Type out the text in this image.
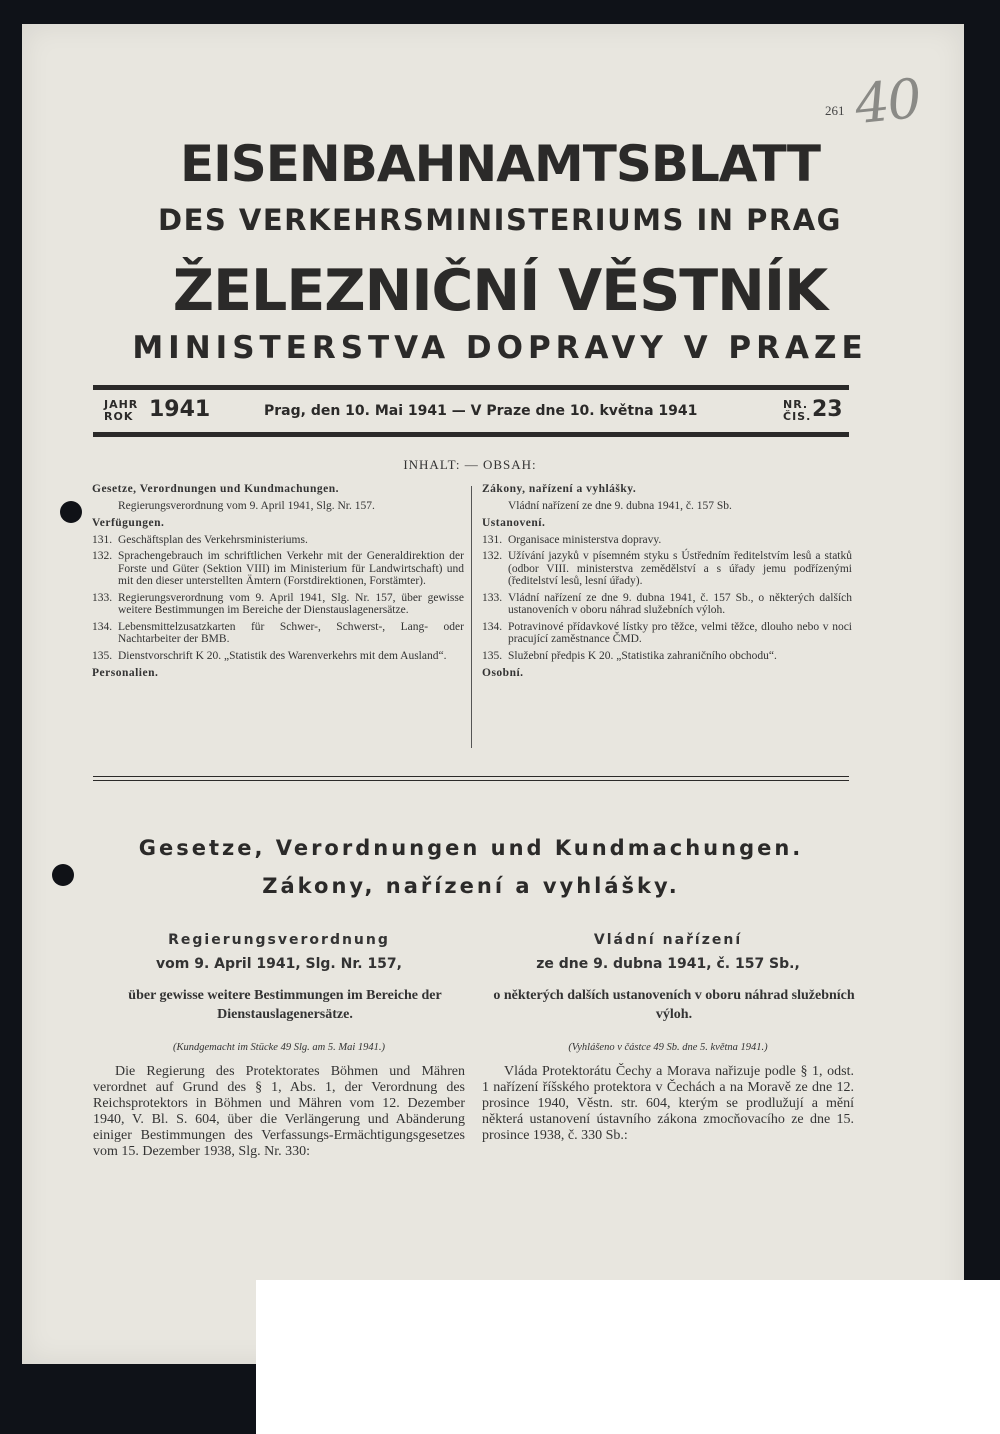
261 40
EISENBAHNAMTSBLATT
DES VERKEHRSMINISTERIUMS IN PRAG
ŽELEZNIČNÍ VĚSTNÍK
MINISTERSTVA DOPRAVY V PRAZE
JAHR
ROK 1941	Prag, den 10. Mai 1941 — V Praze dne 10. května 1941	NR.
ČIS. 23
INHALT: — OBSAH:
Gesetze, Verordnungen und Kundmachungen.
Regierungsverordnung vom 9. April 1941, Slg. Nr. 157.
Verfügungen.
131. Geschäftsplan des Verkehrsministeriums.
132. Sprachengebrauch im schriftlichen Verkehr mit der Generaldirektion der Forste und Güter (Sektion VIII) im Ministerium für Landwirtschaft) und mit den dieser unterstellten Ämtern (Forstdirektionen, Forstämter).
133. Regierungsverordnung vom 9. April 1941, Slg. Nr. 157, über gewisse weitere Bestimmungen im Bereiche der Dienstauslagenersätze.
134. Lebensmittelzusatzkarten für Schwer-, Schwerst-, Lang- oder Nachtarbeiter der BMB.
135. Dienstvorschrift K 20. „Statistik des Warenverkehrs mit dem Ausland“.
Personalien.
Zákony, nařízení a vyhlášky.
Vládní nařízení ze dne 9. dubna 1941, č. 157 Sb.
Ustanovení.
131. Organisace ministerstva dopravy.
132. Užívání jazyků v písemném styku s Ústředním ředitelstvím lesů a statků (odbor VIII. ministerstva zemědělství a s úřady jemu podřízenými (ředitelství lesů, lesní úřady).
133. Vládní nařízení ze dne 9. dubna 1941, č. 157 Sb., o některých dalších ustanoveních v oboru náhrad služebních výloh.
134. Potravinové přídavkové lístky pro těžce, velmi těžce, dlouho nebo v noci pracující zaměstnance ČMD.
135. Služební předpis K 20. „Statistika zahraničního obchodu“.
Osobní.
Gesetze, Verordnungen und Kundmachungen.
Zákony, nařízení a vyhlášky.
Regierungsverordnung
vom 9. April 1941, Slg. Nr. 157,
über gewisse weitere Bestimmungen im Bereiche der Dienstauslagenersätze.
(Kundgemacht im Stücke 49 Slg. am 5. Mai 1941.)
Die Regierung des Protektorates Böhmen und Mähren verordnet auf Grund des § 1, Abs. 1, der Verordnung des Reichsprotektors in Böhmen und Mähren vom 12. Dezember 1940, V. Bl. S. 604, über die Verlängerung und Abänderung einiger Bestimmungen des Verfassungs-Ermächtigungsgesetzes vom 15. Dezember 1938, Slg. Nr. 330:
Vládní nařízení
ze dne 9. dubna 1941, č. 157 Sb.,
o některých dalších ustanoveních v oboru náhrad služebních výloh.
(Vyhlášeno v částce 49 Sb. dne 5. května 1941.)
Vláda Protektorátu Čechy a Morava nařizuje podle § 1, odst. 1 nařízení říšského protektora v Čechách a na Moravě ze dne 12. prosince 1940, Věstn. str. 604, kterým se prodlužují a mění některá ustanovení ústavního zákona zmocňovacího ze dne 15. prosince 1938, č. 330 Sb.:
